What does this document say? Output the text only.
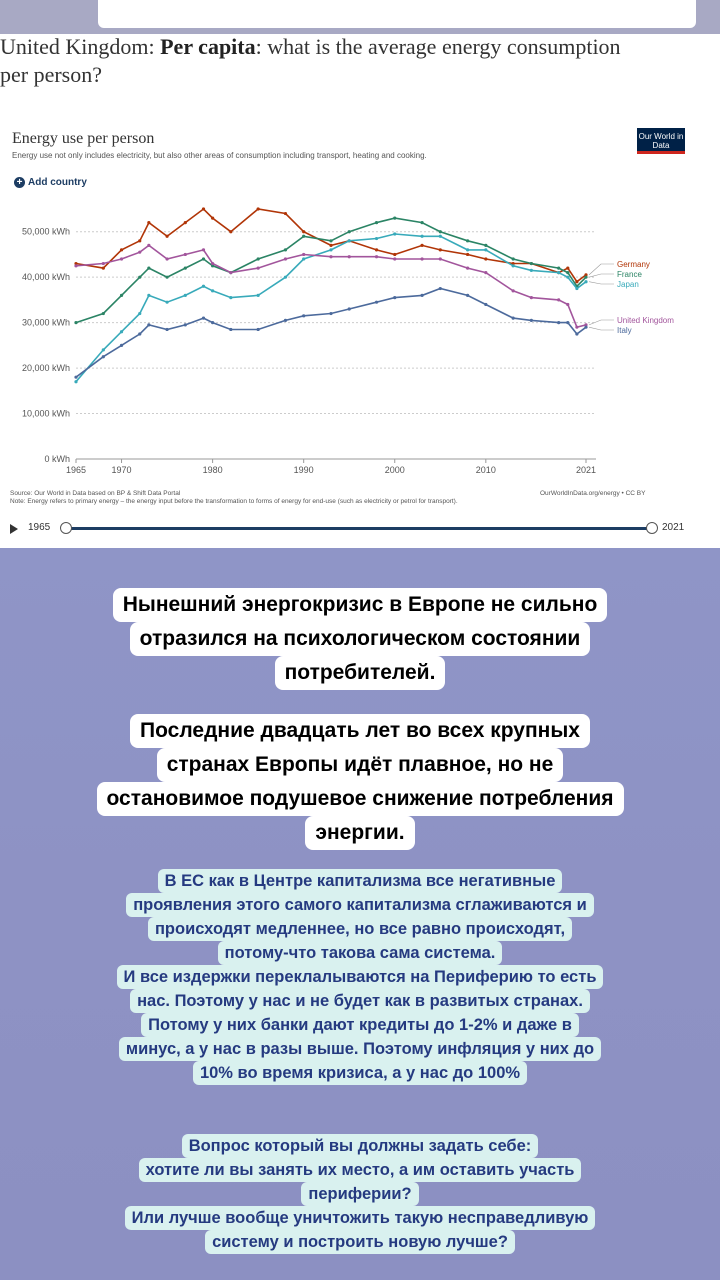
United Kingdom: Per capita: what is the average energy consumption
per person?
Energy use per person
Energy use not only includes electricity, but also other areas of consumption including transport, heating and cooking.
Our World in Data
+ Add country
0 kWh
10,000 kWh
20,000 kWh
30,000 kWh
40,000 kWh
50,000 kWh
1965	1970	1980	1990	2000	2010	2021
Germany
France
Japan
United Kingdom
Italy
Source: Our World in Data based on BP & Shift Data Portal
Note: Energy refers to primary energy – the energy input before the transformation to forms of energy for end-use (such as electricity or petrol for transport).
OurWorldInData.org/energy • CC BY
1965	2021
Нынешний энергокризис в Европе не сильно
отразился на психологическом состоянии
потребителей.
Последние двадцать лет во всех крупных
странах Европы идёт плавное, но не
остановимое подушевое снижение потребления
энергии.
В ЕС как в Центре капитализма все негативные
проявления этого самого капитализма сглаживаются и
происходят медленнее, но все равно происходят,
потому-что такова сама система.
И все издержки переклалываются на Периферию то есть
нас. Поэтому у нас и не будет как в развитых странах.
Потому у них банки дают кредиты до 1-2% и даже в
минус, а у нас в разы выше. Поэтому инфляция у них до
10% во время кризиса, а у нас до 100%
Вопрос который вы должны задать себе:
хотите ли вы занять их место, а им оставить участь
периферии?
Или лучше вообще уничтожить такую несправедливую
систему и построить новую лучше?
